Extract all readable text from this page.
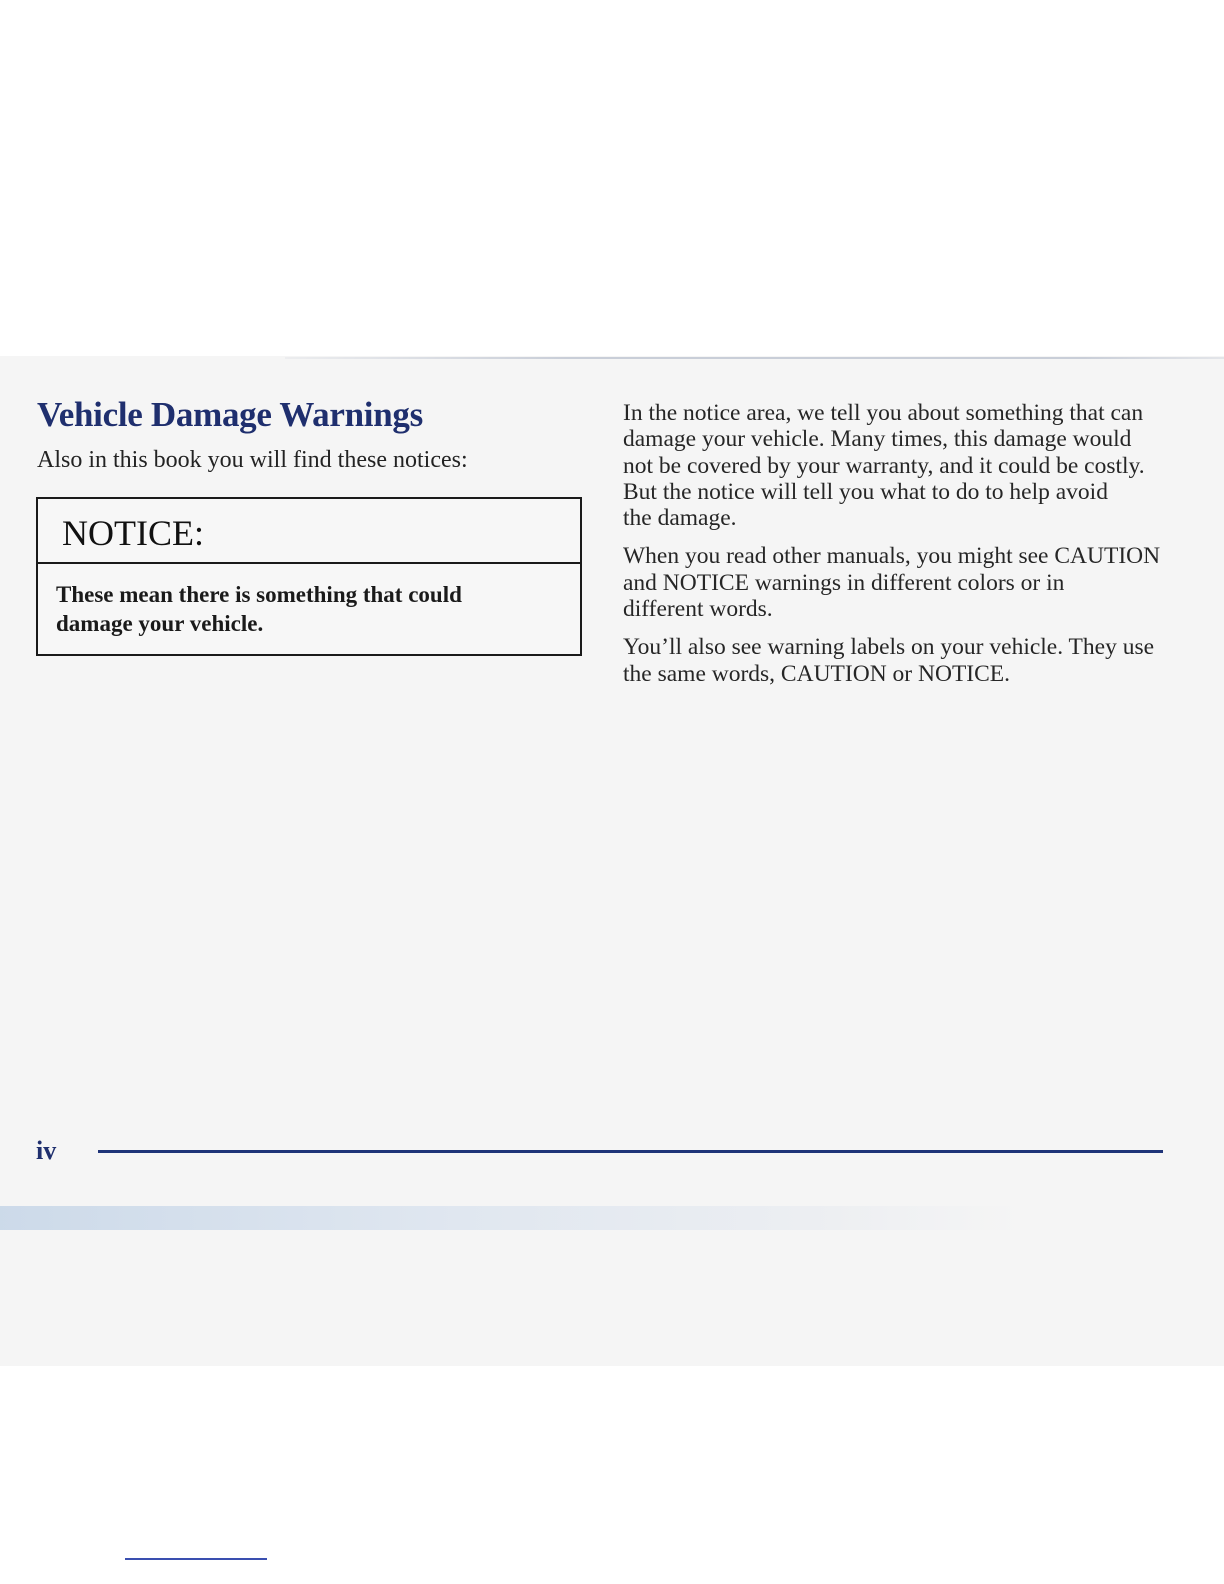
Vehicle Damage Warnings

Also in this book you will find these notices:

NOTICE:

These mean there is something that could
damage your vehicle.

In the notice area, we tell you about something that can
damage your vehicle. Many times, this damage would
not be covered by your warranty, and it could be costly.
But the notice will tell you what to do to help avoid
the damage.

When you read other manuals, you might see CAUTION
and NOTICE warnings in different colors or in
different words.

You’ll also see warning labels on your vehicle. They use
the same words, CAUTION or NOTICE.

iv
